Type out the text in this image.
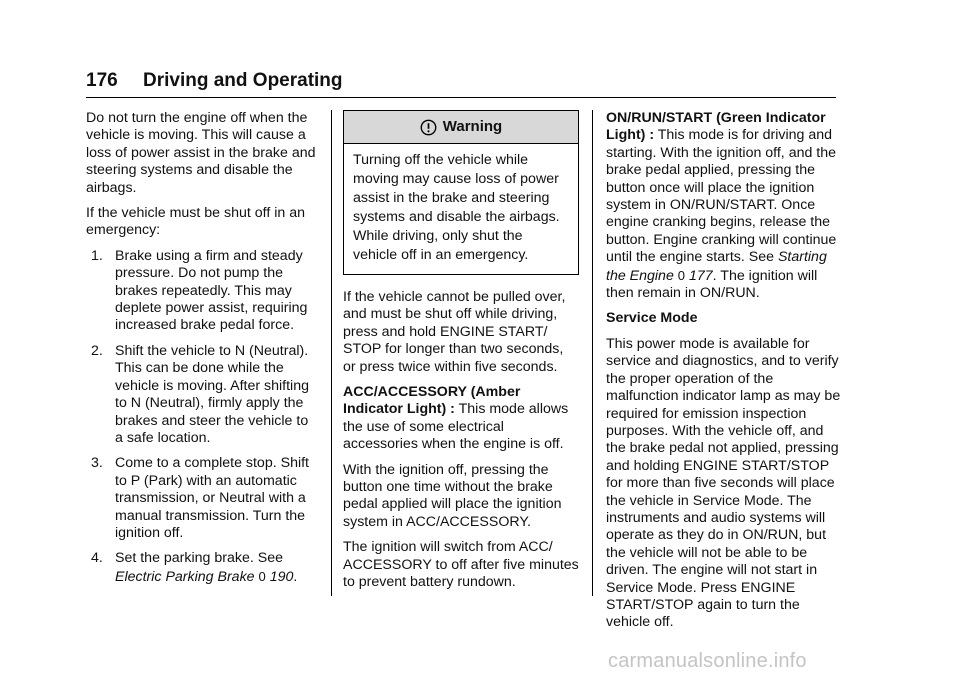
176 Driving and Operating

Do not turn the engine off when the vehicle is moving. This will cause a loss of power assist in the brake and steering systems and disable the airbags.

If the vehicle must be shut off in an emergency:

1. Brake using a firm and steady pressure. Do not pump the brakes repeatedly. This may deplete power assist, requiring increased brake pedal force.
2. Shift the vehicle to N (Neutral). This can be done while the vehicle is moving. After shifting to N (Neutral), firmly apply the brakes and steer the vehicle to a safe location.
3. Come to a complete stop. Shift to P (Park) with an automatic transmission, or Neutral with a manual transmission. Turn the ignition off.
4. Set the parking brake. See
Electric Parking Brake 0 190.
Warning
Turning off the vehicle while moving may cause loss of power assist in the brake and steering systems and disable the airbags. While driving, only shut the vehicle off in an emergency.

If the vehicle cannot be pulled over, and must be shut off while driving, press and hold ENGINE START/ STOP for longer than two seconds, or press twice within five seconds.

ACC/ACCESSORY (Amber Indicator Light) : This mode allows the use of some electrical accessories when the engine is off.

With the ignition off, pressing the button one time without the brake pedal applied will place the ignition system in ACC/ACCESSORY.

The ignition will switch from ACC/ ACCESSORY to off after five minutes to prevent battery rundown.

ON/RUN/START (Green Indicator Light) : This mode is for driving and starting. With the ignition off, and the brake pedal applied, pressing the button once will place the ignition system in ON/RUN/START. Once engine cranking begins, release the button. Engine cranking will continue until the engine starts. See Starting the Engine 0 177. The ignition will then remain in ON/RUN.

Service Mode

This power mode is available for service and diagnostics, and to verify the proper operation of the malfunction indicator lamp as may be required for emission inspection purposes. With the vehicle off, and the brake pedal not applied, pressing and holding ENGINE START/STOP for more than five seconds will place the vehicle in Service Mode. The instruments and audio systems will operate as they do in ON/RUN, but the vehicle will not be able to be driven. The engine will not start in Service Mode. Press ENGINE START/STOP again to turn the vehicle off.

carmanualsonline.info
